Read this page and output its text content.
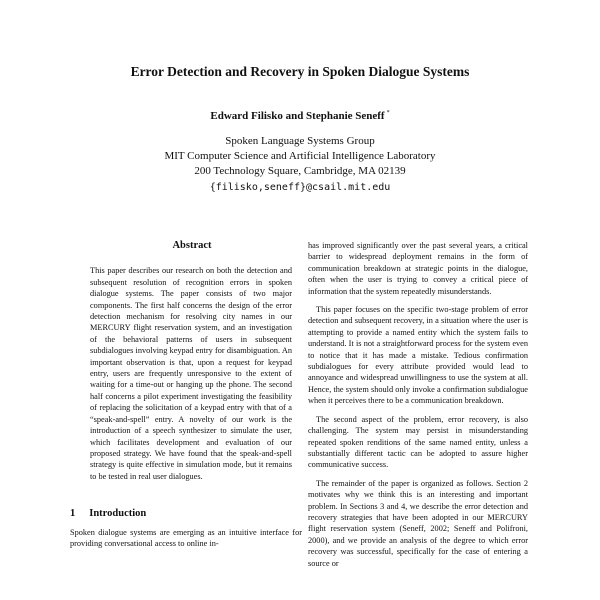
Error Detection and Recovery in Spoken Dialogue Systems
Edward Filisko and Stephanie Seneff *
Spoken Language Systems Group
MIT Computer Science and Artificial Intelligence Laboratory
200 Technology Square, Cambridge, MA 02139
{filisko,seneff}@csail.mit.edu
Abstract

This paper describes our research on both the detection and subsequent resolution of recognition errors in spoken dialogue systems. The paper consists of two major components. The first half concerns the design of the error detection mechanism for resolving city names in our MERCURY flight reservation system, and an investigation of the behavioral patterns of users in subsequent subdialogues involving keypad entry for disambiguation. An important observation is that, upon a request for keypad entry, users are frequently unresponsive to the extent of waiting for a time-out or hanging up the phone. The second half concerns a pilot experiment investigating the feasibility of replacing the solicitation of a keypad entry with that of a “speak-and-spell” entry. A novelty of our work is the introduction of a speech synthesizer to simulate the user, which facilitates development and evaluation of our proposed strategy. We have found that the speak-and-spell strategy is quite effective in simulation mode, but it remains to be tested in real user dialogues.

1 Introduction

Spoken dialogue systems are emerging as an intuitive interface for providing conversational access to online in-

has improved significantly over the past several years, a critical barrier to widespread deployment remains in the form of communication breakdown at strategic points in the dialogue, often when the user is trying to convey a critical piece of information that the system repeatedly misunderstands.

This paper focuses on the specific two-stage problem of error detection and subsequent recovery, in a situation where the user is attempting to provide a named entity which the system fails to understand. It is not a straightforward process for the system even to notice that it has made a mistake. Tedious confirmation subdialogues for every attribute provided would lead to annoyance and widespread unwillingness to use the system at all. Hence, the system should only invoke a confirmation subdialogue when it perceives there to be a communication breakdown.

The second aspect of the problem, error recovery, is also challenging. The system may persist in misunderstanding repeated spoken renditions of the same named entity, unless a substantially different tactic can be adopted to assure higher communicative success.

The remainder of the paper is organized as follows. Section 2 motivates why we think this is an interesting and important problem. In Sections 3 and 4, we describe the error detection and recovery strategies that have been adopted in our MERCURY flight reservation system (Seneff, 2002; Seneff and Polifroni, 2000), and we provide an analysis of the degree to which error recovery was successful, specifically for the case of entering a source or
